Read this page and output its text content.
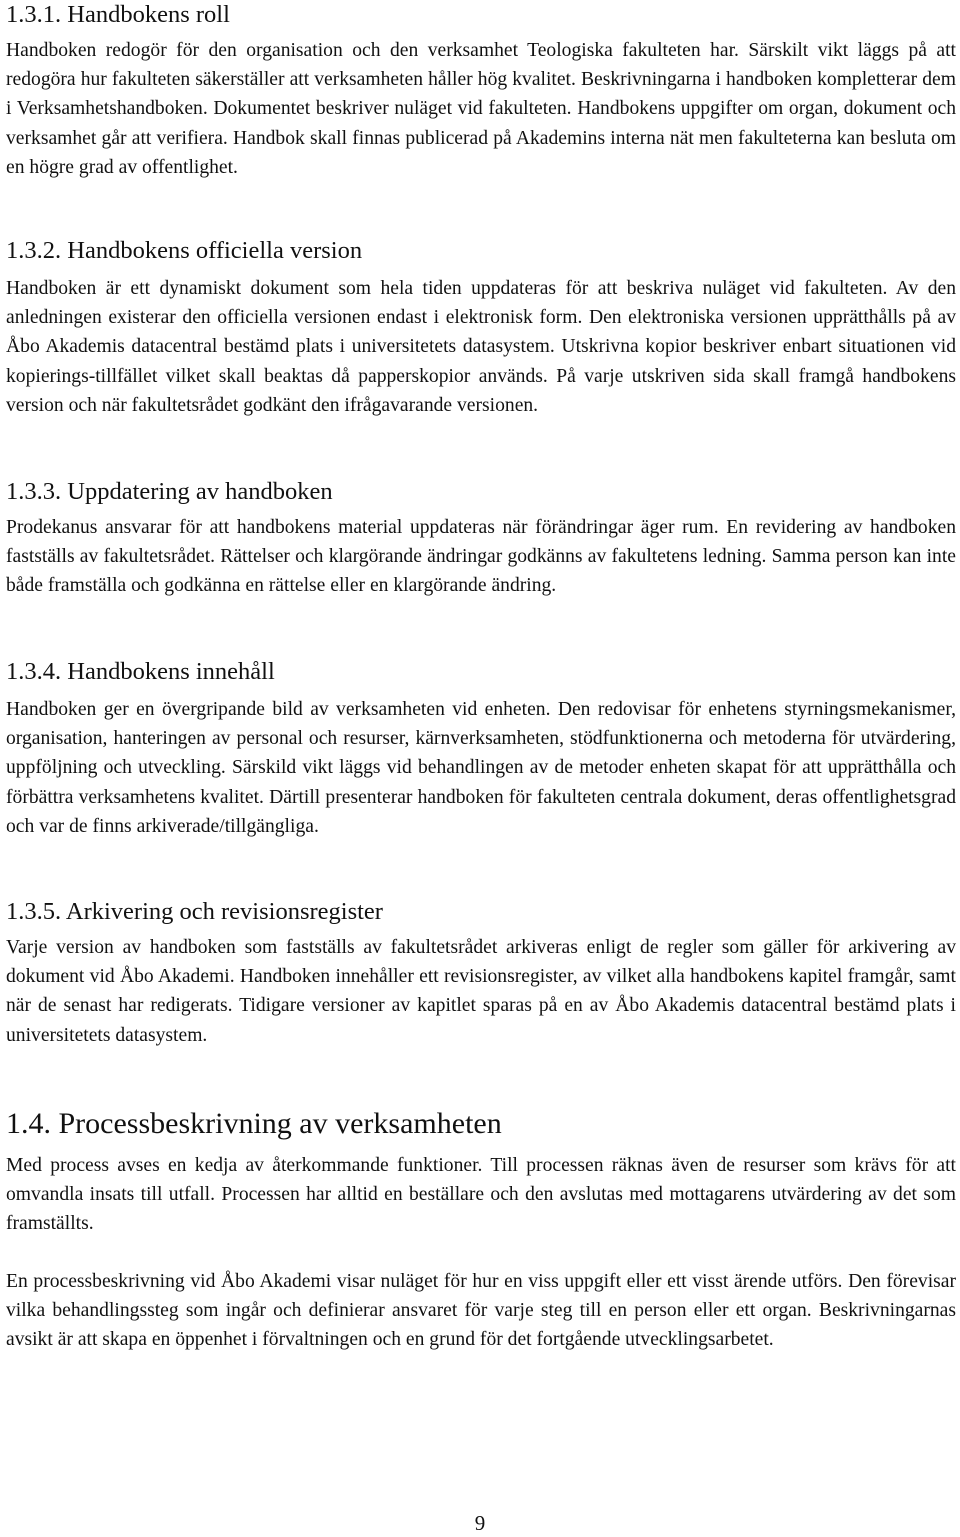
1.3.1. Handbokens roll

Handboken redogör för den organisation och den verksamhet Teologiska fakulteten har. Särskilt vikt läggs på att redogöra hur fakulteten säkerställer att verksamheten håller hög kvalitet. Beskrivningarna i handboken kompletterar dem i Verksamhetshandboken. Dokumentet beskriver nuläget vid fakulteten. Handbokens uppgifter om organ, dokument och verksamhet går att verifiera. Handbok skall finnas publicerad på Akademins interna nät men fakulteterna kan besluta om en högre grad av offentlighet.

1.3.2. Handbokens officiella version

Handboken är ett dynamiskt dokument som hela tiden uppdateras för att beskriva nuläget vid fakulteten. Av den anledningen existerar den officiella versionen endast i elektronisk form. Den elektroniska versionen upprätthålls på av Åbo Akademis datacentral bestämd plats i universitetets datasystem. Utskrivna kopior beskriver enbart situationen vid kopierings-tillfället vilket skall beaktas då papperskopior används. På varje utskriven sida skall framgå handbokens version och när fakultetsrådet godkänt den ifrågavarande versionen.

1.3.3. Uppdatering av handboken

Prodekanus ansvarar för att handbokens material uppdateras när förändringar äger rum. En revidering av handboken fastställs av fakultetsrådet. Rättelser och klargörande ändringar godkänns av fakultetens ledning. Samma person kan inte både framställa och godkänna en rättelse eller en klargörande ändring.

1.3.4. Handbokens innehåll

Handboken ger en övergripande bild av verksamheten vid enheten. Den redovisar för enhetens styrningsmekanismer, organisation, hanteringen av personal och resurser, kärnverksamheten, stödfunktionerna och metoderna för utvärdering, uppföljning och utveckling. Särskild vikt läggs vid behandlingen av de metoder enheten skapat för att upprätthålla och förbättra verksamhetens kvalitet. Därtill presenterar handboken för fakulteten centrala dokument, deras offentlighetsgrad och var de finns arkiverade/tillgängliga.

1.3.5. Arkivering och revisionsregister

Varje version av handboken som fastställs av fakultetsrådet arkiveras enligt de regler som gäller för arkivering av dokument vid Åbo Akademi. Handboken innehåller ett revisionsregister, av vilket alla handbokens kapitel framgår, samt när de senast har redigerats. Tidigare versioner av kapitlet sparas på en av Åbo Akademis datacentral bestämd plats i universitetets datasystem.

1.4. Processbeskrivning av verksamheten

Med process avses en kedja av återkommande funktioner. Till processen räknas även de resurser som krävs för att omvandla insats till utfall. Processen har alltid en beställare och den avslutas med mottagarens utvärdering av det som framställts.

En processbeskrivning vid Åbo Akademi visar nuläget för hur en viss uppgift eller ett visst ärende utförs. Den förevisar vilka behandlingssteg som ingår och definierar ansvaret för varje steg till en person eller ett organ. Beskrivningarnas avsikt är att skapa en öppenhet i förvaltningen och en grund för det fortgående utvecklingsarbetet.

9
